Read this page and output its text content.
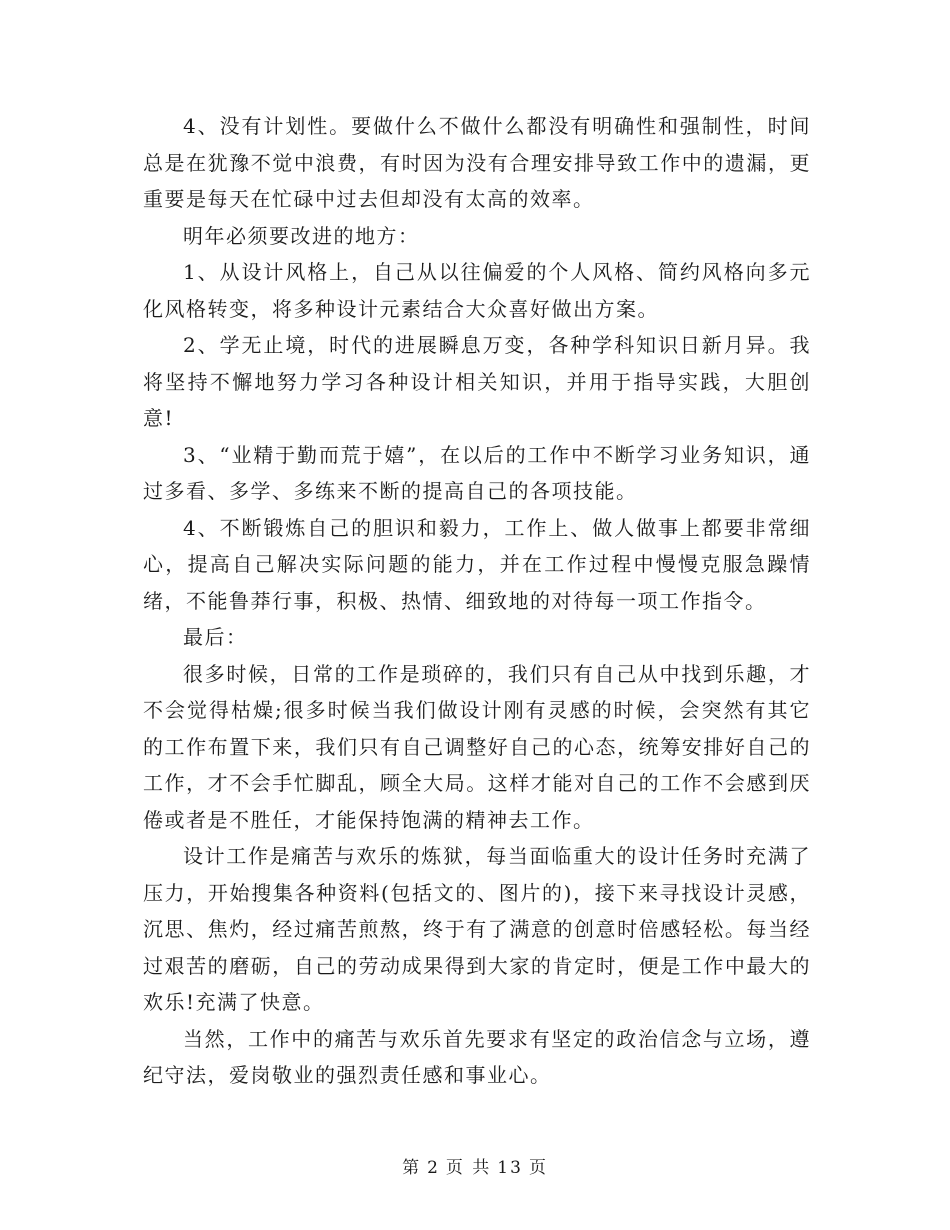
4、没有计划性。要做什么不做什么都没有明确性和强制性，时间总是在犹豫不觉中浪费，有时因为没有合理安排导致工作中的遗漏，更重要是每天在忙碌中过去但却没有太高的效率。

明年必须要改进的地方：

1、从设计风格上，自己从以往偏爱的个人风格、简约风格向多元化风格转变，将多种设计元素结合大众喜好做出方案。

2、学无止境，时代的进展瞬息万变，各种学科知识日新月异。我将坚持不懈地努力学习各种设计相关知识，并用于指导实践，大胆创意!

3、“业精于勤而荒于嬉”，在以后的工作中不断学习业务知识，通过多看、多学、多练来不断的提高自己的各项技能。

4、不断锻炼自己的胆识和毅力，工作上、做人做事上都要非常细心，提高自己解决实际问题的能力，并在工作过程中慢慢克服急躁情绪，不能鲁莽行事，积极、热情、细致地的对待每一项工作指令。

最后：

很多时候，日常的工作是琐碎的，我们只有自己从中找到乐趣，才不会觉得枯燥;很多时候当我们做设计刚有灵感的时候，会突然有其它的工作布置下来，我们只有自己调整好自己的心态，统筹安排好自己的工作，才不会手忙脚乱，顾全大局。这样才能对自己的工作不会感到厌倦或者是不胜任，才能保持饱满的精神去工作。

设计工作是痛苦与欢乐的炼狱，每当面临重大的设计任务时充满了压力，开始搜集各种资料(包括文的、图片的)，接下来寻找设计灵感，沉思、焦灼，经过痛苦煎熬，终于有了满意的创意时倍感轻松。每当经过艰苦的磨砺，自己的劳动成果得到大家的肯定时，便是工作中最大的欢乐!充满了快意。

当然，工作中的痛苦与欢乐首先要求有坚定的政治信念与立场，遵纪守法，爱岗敬业的强烈责任感和事业心。

第 2 页 共 13 页
